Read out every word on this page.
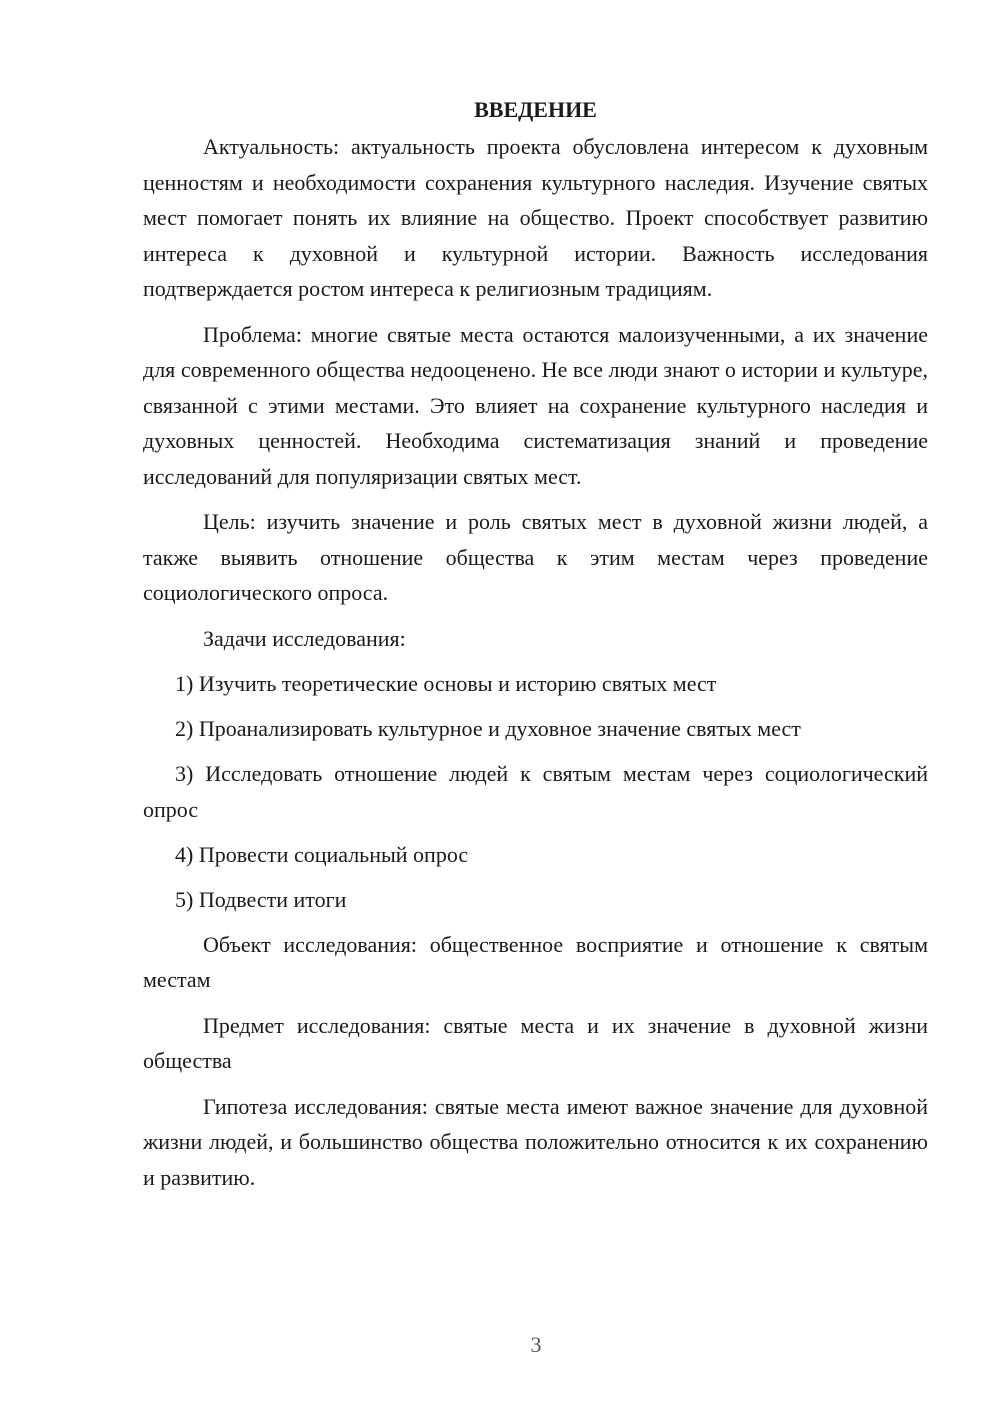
ВВЕДЕНИЕ

Актуальность: актуальность проекта обусловлена интересом к духовным ценностям и необходимости сохранения культурного наследия. Изучение святых мест помогает понять их влияние на общество. Проект способствует развитию интереса к духовной и культурной истории. Важность исследования подтверждается ростом интереса к религиозным традициям.

Проблема: многие святые места остаются малоизученными, а их значение для современного общества недооценено. Не все люди знают о истории и культуре, связанной с этими местами. Это влияет на сохранение культурного наследия и духовных ценностей. Необходима систематизация знаний и проведение исследований для популяризации святых мест.

Цель: изучить значение и роль святых мест в духовной жизни людей, а также выявить отношение общества к этим местам через проведение социологического опроса.

Задачи исследования:

1) Изучить теоретические основы и историю святых мест

2) Проанализировать культурное и духовное значение святых мест

3) Исследовать отношение людей к святым местам через социологический опрос

4) Провести социальный опрос

5) Подвести итоги

Объект исследования: общественное восприятие и отношение к святым местам

Предмет исследования: святые места и их значение в духовной жизни общества

Гипотеза исследования: святые места имеют важное значение для духовной жизни людей, и большинство общества положительно относится к их сохранению и развитию.

3
